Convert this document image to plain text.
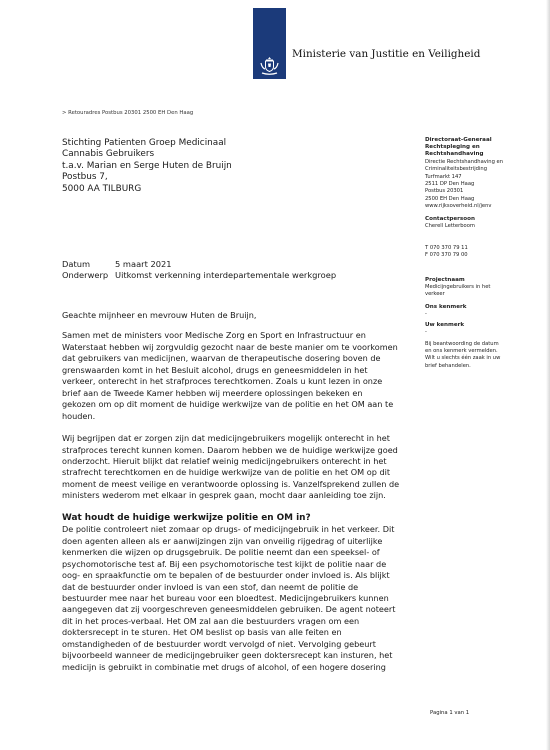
Ministerie van Justitie en Veiligheid
> Retouradres Postbus 20301 2500 EH Den Haag
Stichting Patienten Groep Medicinaal
Cannabis Gebruikers
t.a.v. Marian en Serge Huten de Bruijn
Postbus 7,
5000 AA TILBURG
Directoraat-Generaal
Rechtspleging en
Rechtshandhaving
Directie Rechtshandhaving en
Criminaliteitsbestrijding
Turfmarkt 147
2511 DP Den Haag
Postbus 20301
2500 EH Den Haag
www.rijksoverheid.nl/jenv
Contactpersoon
Cherell Letterboom
T 070 370 79 11
F 070 370 79 00
Projectnaam
Medicijngebruikers in het
verkeer
Ons kenmerk
-
Uw kenmerk
-
Bij beantwoording de datum
en ons kenmerk vermelden.
Wilt u slechts één zaak in uw
brief behandelen.
Datum	5 maart 2021
Onderwerp Uitkomst verkenning interdepartementale werkgroep
Geachte mijnheer en mevrouw Huten de Bruijn,
Samen met de ministers voor Medische Zorg en Sport en Infrastructuur en
Waterstaat hebben wij zorgvuldig gezocht naar de beste manier om te voorkomen
dat gebruikers van medicijnen, waarvan de therapeutische dosering boven de
grenswaarden komt in het Besluit alcohol, drugs en geneesmiddelen in het
verkeer, onterecht in het strafproces terechtkomen. Zoals u kunt lezen in onze
brief aan de Tweede Kamer hebben wij meerdere oplossingen bekeken en
gekozen om op dit moment de huidige werkwijze van de politie en het OM aan te
houden.
Wij begrijpen dat er zorgen zijn dat medicijngebruikers mogelijk onterecht in het
strafproces terecht kunnen komen. Daarom hebben we de huidige werkwijze goed
onderzocht. Hieruit blijkt dat relatief weinig medicijngebruikers onterecht in het
strafrecht terechtkomen en de huidige werkwijze van de politie en het OM op dit
moment de meest veilige en verantwoorde oplossing is. Vanzelfsprekend zullen de
ministers wederom met elkaar in gesprek gaan, mocht daar aanleiding toe zijn.
Wat houdt de huidige werkwijze politie en OM in?
De politie controleert niet zomaar op drugs- of medicijngebruik in het verkeer. Dit
doen agenten alleen als er aanwijzingen zijn van onveilig rijgedrag of uiterlijke
kenmerken die wijzen op drugsgebruik. De politie neemt dan een speeksel- of
psychomotorische test af. Bij een psychomotorische test kijkt de politie naar de
oog- en spraakfunctie om te bepalen of de bestuurder onder invloed is. Als blijkt
dat de bestuurder onder invloed is van een stof, dan neemt de politie de
bestuurder mee naar het bureau voor een bloedtest. Medicijngebruikers kunnen
aangegeven dat zij voorgeschreven geneesmiddelen gebruiken. De agent noteert
dit in het proces-verbaal. Het OM zal aan die bestuurders vragen om een
doktersrecept in te sturen. Het OM beslist op basis van alle feiten en
omstandigheden of de bestuurder wordt vervolgd of niet. Vervolging gebeurt
bijvoorbeeld wanneer de medicijngebruiker geen doktersrecept kan insturen, het
medicijn is gebruikt in combinatie met drugs of alcohol, of een hogere dosering
Pagina 1 van 1
